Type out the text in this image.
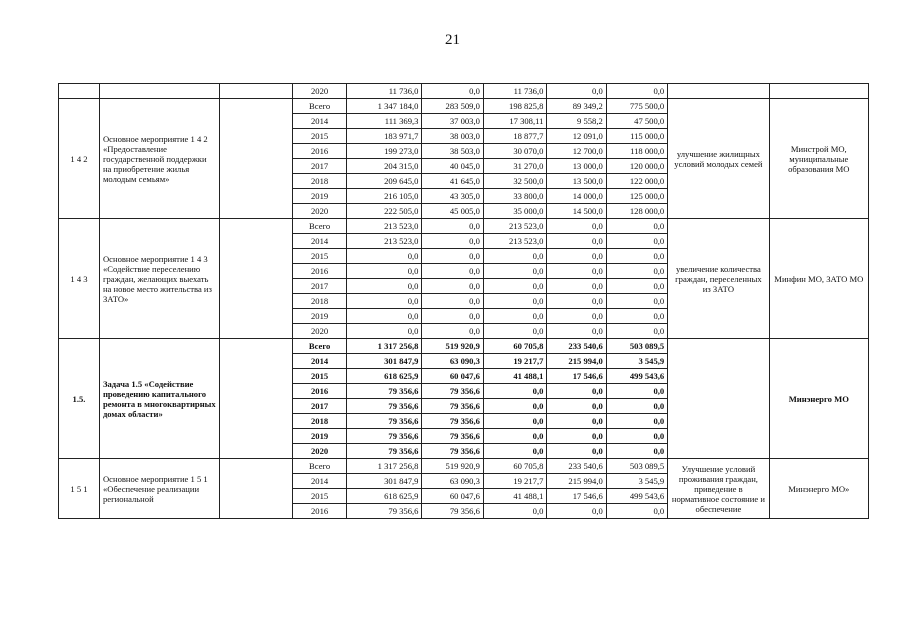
21
			2020	11 736,0	0,0	11 736,0	0,0	0,0		
1 4 2	Основное мероприятие 1 4 2 «Предоставление государственной поддержки на приобретение жилья молодым семьям»		Всего	1 347 184,0	283 509,0	198 825,8	89 349,2	775 500,0	улучшение жилищных условий молодых семей	Минстрой МО, муниципальные образования МО
			2014	111 369,3	37 003,0	17 308,11	9 558,2	47 500,0		
			2015	183 971,7	38 003,0	18 877,7	12 091,0	115 000,0		
			2016	199 273,0	38 503,0	30 070,0	12 700,0	118 000,0		
			2017	204 315,0	40 045,0	31 270,0	13 000,0	120 000,0		
			2018	209 645,0	41 645,0	32 500,0	13 500,0	122 000,0		
			2019	216 105,0	43 305,0	33 800,0	14 000,0	125 000,0		
			2020	222 505,0	45 005,0	35 000,0	14 500,0	128 000,0		
1 4 3	Основное мероприятие 1 4 3 «Содействие переселению граждан, желающих выехать на новое место жительства из ЗАТО»		Всего	213 523,0	0,0	213 523,0	0,0	0,0	увеличение количества граждан, переселенных из ЗАТО	Минфин МО, ЗАТО МО
			2014	213 523,0	0,0	213 523,0	0,0	0,0		
			2015	0,0	0,0	0,0	0,0	0,0		
			2016	0,0	0,0	0,0	0,0	0,0		
			2017	0,0	0,0	0,0	0,0	0,0		
			2018	0,0	0,0	0,0	0,0	0,0		
			2019	0,0	0,0	0,0	0,0	0,0		
			2020	0,0	0,0	0,0	0,0	0,0		
1.5.	Задача 1.5 «Содействие проведению капитального ремонта в многоквартирных домах области»		Всего	1 317 256,8	519 920,9	60 705,8	233 540,6	503 089,5		Минэнерго МО
			2014	301 847,9	63 090,3	19 217,7	215 994,0	3 545,9		
			2015	618 625,9	60 047,6	41 488,1	17 546,6	499 543,6		
			2016	79 356,6	79 356,6	0,0	0,0	0,0		
			2017	79 356,6	79 356,6	0,0	0,0	0,0		
			2018	79 356,6	79 356,6	0,0	0,0	0,0		
			2019	79 356,6	79 356,6	0,0	0,0	0,0		
			2020	79 356,6	79 356,6	0,0	0,0	0,0		
1 5 1	Основное мероприятие 1 5 1 «Обеспечение реализации региональной		Всего	1 317 256,8	519 920,9	60 705,8	233 540,6	503 089,5	Улучшение условий проживания граждан, приведение в нормативное состояние и обеспечение	Минэнерго МО»
			2014	301 847,9	63 090,3	19 217,7	215 994,0	3 545,9		
			2015	618 625,9	60 047,6	41 488,1	17 546,6	499 543,6		
			2016	79 356,6	79 356,6	0,0	0,0	0,0		
